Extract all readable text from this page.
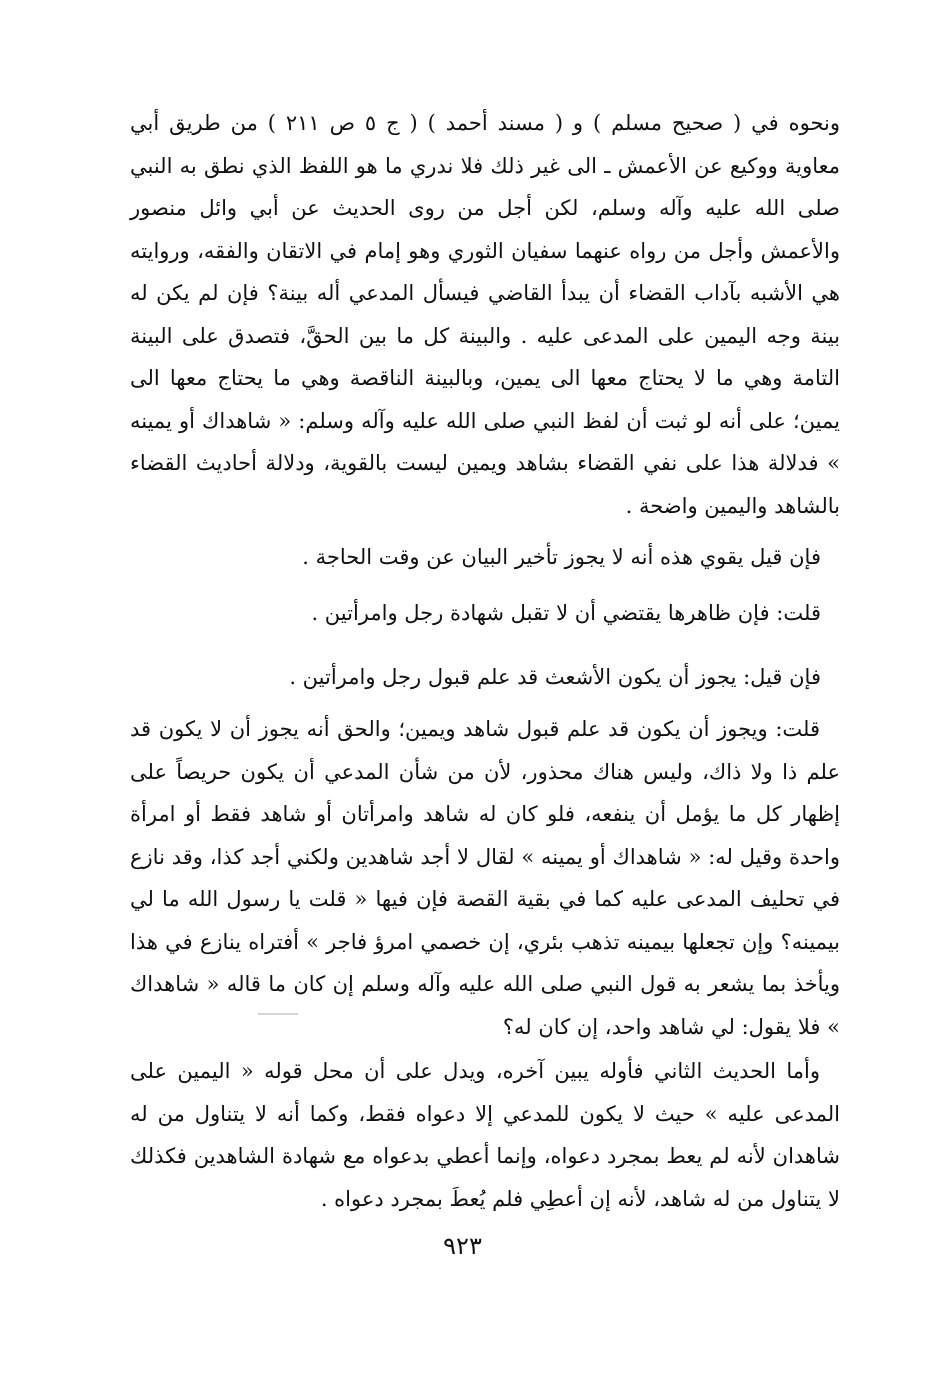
ونحوه في ( صحيح مسلم ) و ( مسند أحمد ) ( ج ٥ ص ٢١١ ) من طريق أبي معاوية ووكيع عن الأعمش ـ الى غير ذلك فلا ندري ما هو اللفظ الذي نطق به النبي صلى الله عليه وآله وسلم، لكن أجل من روى الحديث عن أبي وائل منصور والأعمش وأجل من رواه عنهما سفيان الثوري وهو إمام في الاتقان والفقه، وروايته هي الأشبه بآداب القضاء أن يبدأ القاضي فيسأل المدعي أله بينة؟ فإن لم يكن له بينة وجه اليمين على المدعى عليه . والبينة كل ما بين الحقَّ، فتصدق على البينة التامة وهي ما لا يحتاج معها الى يمين، وبالبينة الناقصة وهي ما يحتاج معها الى يمين؛ على أنه لو ثبت أن لفظ النبي صلى الله عليه وآله وسلم: « شاهداك أو يمينه » فدلالة هذا على نفي القضاء بشاهد ويمين ليست بالقوية، ودلالة أحاديث القضاء بالشاهد واليمين واضحة .

فإن قيل يقوي هذه أنه لا يجوز تأخير البيان عن وقت الحاجة .
قلت: فإن ظاهرها يقتضي أن لا تقبل شهادة رجل وامرأتين .
فإن قيل: يجوز أن يكون الأشعث قد علم قبول رجل وامرأتين .

قلت: ويجوز أن يكون قد علم قبول شاهد ويمين؛ والحق أنه يجوز أن لا يكون قد علم ذا ولا ذاك، وليس هناك محذور، لأن من شأن المدعي أن يكون حريصاً على إظهار كل ما يؤمل أن ينفعه، فلو كان له شاهد وامرأتان أو شاهد فقط أو امرأة واحدة وقيل له: « شاهداك أو يمينه » لقال لا أجد شاهدين ولكني أجد كذا، وقد نازع في تحليف المدعى عليه كما في بقية القصة فإن فيها « قلت يا رسول الله ما لي بيمينه؟ وإن تجعلها بيمينه تذهب بئري، إن خصمي امرؤ فاجر » أفتراه ينازع في هذا ويأخذ بما يشعر به قول النبي صلى الله عليه وآله وسلم إن كان ما قاله « شاهداك » فلا يقول: لي شاهد واحد، إن كان له؟

وأما الحديث الثاني فأوله يبين آخره، ويدل على أن محل قوله « اليمين على المدعى عليه » حيث لا يكون للمدعي إلا دعواه فقط، وكما أنه لا يتناول من له شاهدان لأنه لم يعط بمجرد دعواه، وإنما أعطي بدعواه مع شهادة الشاهدين فكذلك لا يتناول من له شاهد، لأنه إن أعطِي فلم يُعطَ بمجرد دعواه .

٩٢٣
